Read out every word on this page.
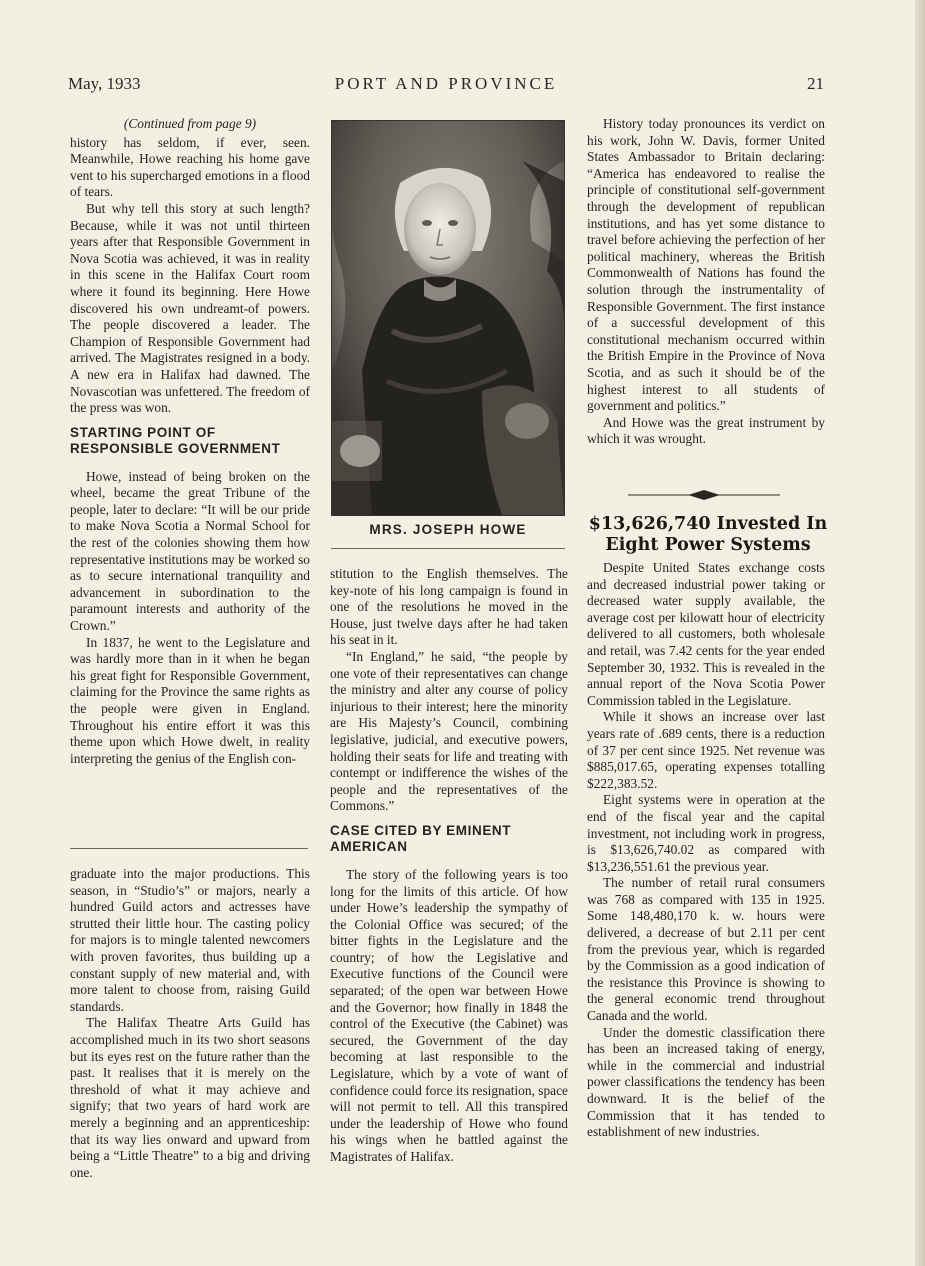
May, 1933	PORT AND PROVINCE	21
(Continued from page 9)

history has seldom, if ever, seen. Meanwhile, Howe reaching his home gave vent to his supercharged emotions in a flood of tears.

But why tell this story at such length? Because, while it was not until thirteen years after that Responsible Government in Nova Scotia was achieved, it was in reality in this scene in the Halifax Court room where it found its beginning. Here Howe discovered his own undreamt-of powers. The people discovered a leader. The Champion of Responsible Government had arrived. The Magistrates resigned in a body. A new era in Halifax had dawned. The Novascotian was unfettered. The freedom of the press was won.

STARTING POINT OF RESPONSIBLE GOVERNMENT

Howe, instead of being broken on the wheel, became the great Tribune of the people, later to declare: “It will be our pride to make Nova Scotia a Normal School for the rest of the colonies showing them how representative institutions may be worked so as to secure international tranquility and advancement in subordination to the paramount interests and authority of the Crown.”

In 1837, he went to the Legislature and was hardly more than in it when he began his great fight for Responsible Government, claiming for the Province the same rights as the people were given in England. Throughout his entire effort it was this theme upon which Howe dwelt, in reality interpreting the genius of the English con-

graduate into the major productions. This season, in “Studio’s” or majors, nearly a hundred Guild actors and actresses have strutted their little hour. The casting policy for majors is to mingle talented newcomers with proven favorites, thus building up a constant supply of new material and, with more talent to choose from, raising Guild standards.

The Halifax Theatre Arts Guild has accomplished much in its two short seasons but its eyes rest on the future rather than the past. It realises that it is merely on the threshold of what it may achieve and signify; that two years of hard work are merely a beginning and an apprenticeship: that its way lies onward and upward from being a “Little Theatre” to a big and driving one.

MRS. JOSEPH HOWE

stitution to the English themselves. The key-note of his long campaign is found in one of the resolutions he moved in the House, just twelve days after he had taken his seat in it.

“In England,” he said, “the people by one vote of their representatives can change the ministry and alter any course of policy injurious to their interest; here the minority are His Majesty’s Council, combining legislative, judicial, and executive powers, holding their seats for life and treating with contempt or indifference the wishes of the people and the representatives of the Commons.”

CASE CITED BY EMINENT AMERICAN

The story of the following years is too long for the limits of this article. Of how under Howe’s leadership the sympathy of the Colonial Office was secured; of the bitter fights in the Legislature and the country; of how the Legislative and Executive functions of the Council were separated; of the open war between Howe and the Governor; how finally in 1848 the control of the Executive (the Cabinet) was secured, the Government of the day becoming at last responsible to the Legislature, which by a vote of want of confidence could force its resignation, space will not permit to tell. All this transpired under the leadership of Howe who found his wings when he battled against the Magistrates of Halifax.

History today pronounces its verdict on his work, John W. Davis, former United States Ambassador to Britain declaring: “America has endeavored to realise the principle of constitutional self-government through the development of republican institutions, and has yet some distance to travel before achieving the perfection of her political machinery, whereas the British Commonwealth of Nations has found the solution through the instrumentality of Responsible Government. The first instance of a successful development of this constitutional mechanism occurred within the British Empire in the Province of Nova Scotia, and as such it should be of the highest interest to all students of government and politics.”

And Howe was the great instrument by which it was wrought.

$13,626,740 Invested In Eight Power Systems

Despite United States exchange costs and decreased industrial power taking or decreased water supply available, the average cost per kilowatt hour of electricity delivered to all customers, both wholesale and retail, was 7.42 cents for the year ended September 30, 1932. This is revealed in the annual report of the Nova Scotia Power Commission tabled in the Legislature.

While it shows an increase over last years rate of .689 cents, there is a reduction of 37 per cent since 1925. Net revenue was $885,017.65, operating expenses totalling $222,383.52.

Eight systems were in operation at the end of the fiscal year and the capital investment, not including work in progress, is $13,626,740.02 as compared with $13,236,551.61 the previous year.

The number of retail rural consumers was 768 as compared with 135 in 1925. Some 148,480,170 k. w. hours were delivered, a decrease of but 2.11 per cent from the previous year, which is regarded by the Commission as a good indication of the resistance this Province is showing to the general economic trend throughout Canada and the world.

Under the domestic classification there has been an increased taking of energy, while in the commercial and industrial power classifications the tendency has been downward. It is the belief of the Commission that it has tended to establishment of new industries.
